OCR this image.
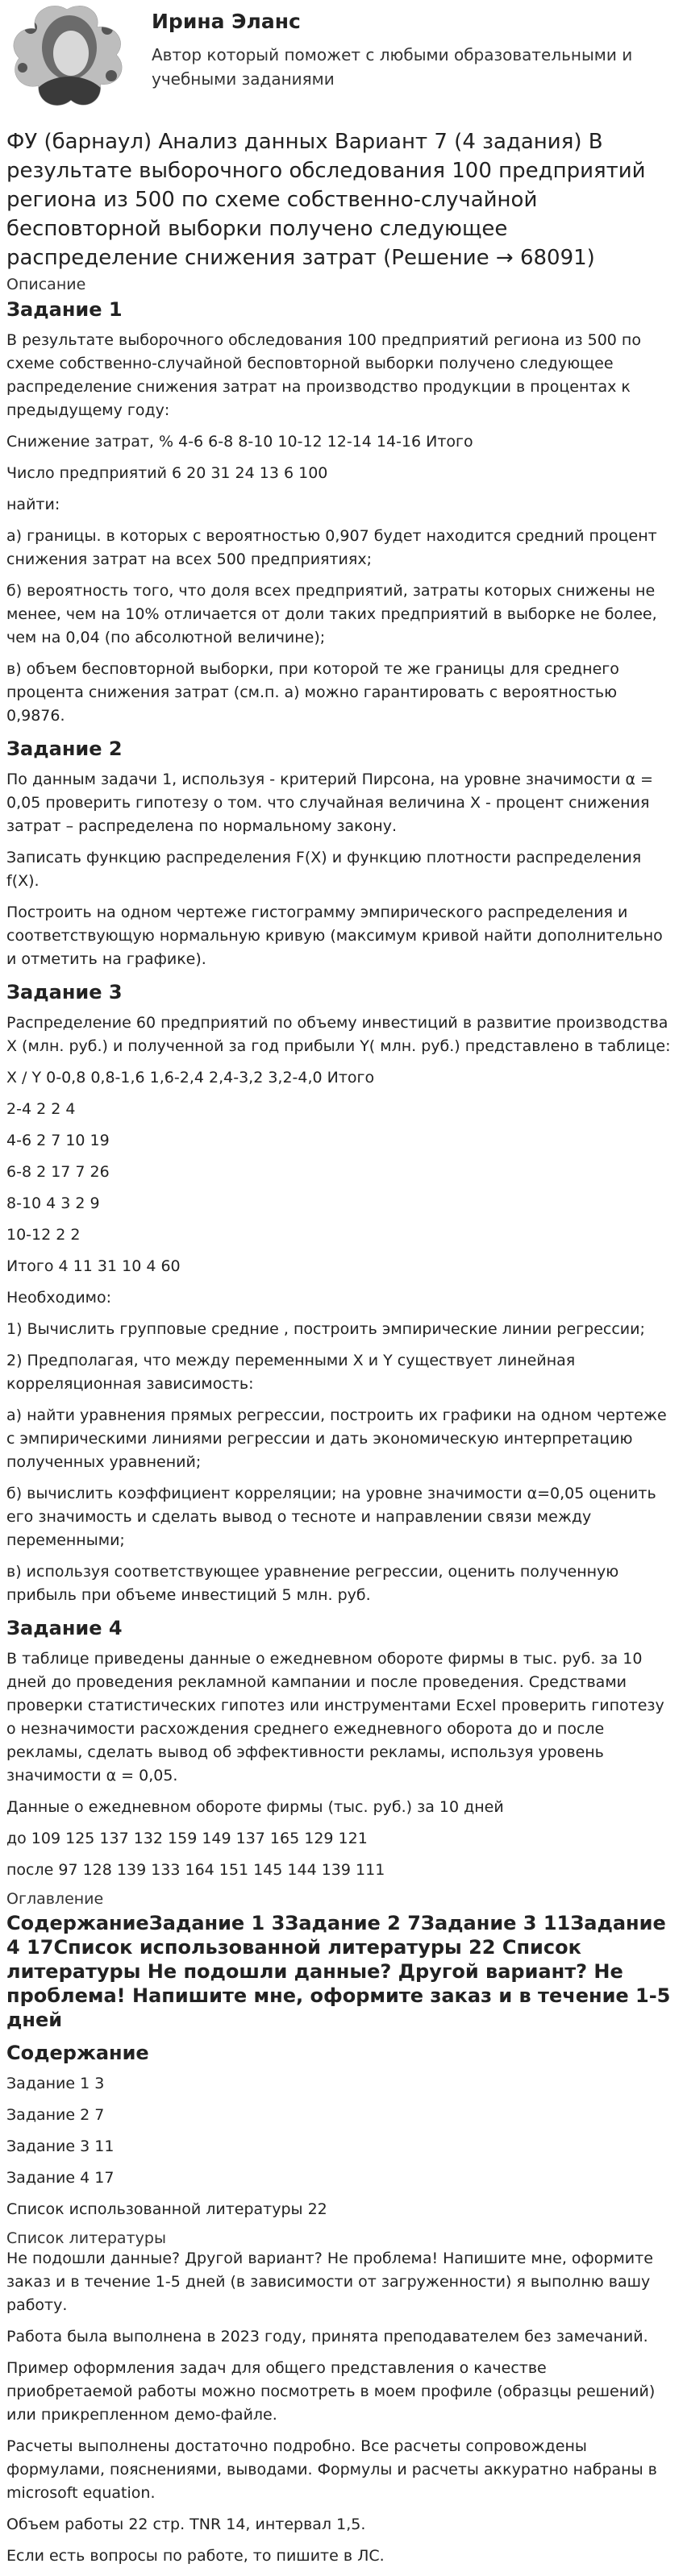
Ирина Эланс
Автор который поможет с любыми образовательными и учебными заданиями
ФУ (барнаул) Анализ данных Вариант 7 (4 задания) В результате выборочного обследования 100 предприятий региона из 500 по схеме собственно-случайной бесповторной выборки получено следующее распределение снижения затрат (Решение → 68091)
Описание
Задание 1

В результате выборочного обследования 100 предприятий региона из 500 по схеме собственно-случайной бесповторной выборки получено следующее распределение снижения затрат на производство продукции в процентах к предыдущему году:

Снижение затрат, % 4-6 6-8 8-10 10-12 12-14 14-16 Итого

Число предприятий 6 20 31 24 13 6 100

найти:

а) границы. в которых с вероятностью 0,907 будет находится средний процент снижения затрат на всех 500 предприятиях;

б) вероятность того, что доля всех предприятий, затраты которых снижены не менее, чем на 10% отличается от доли таких предприятий в выборке не более, чем на 0,04 (по абсолютной величине);

в) объем бесповторной выборки, при которой те же границы для среднего процента снижения затрат (см.п. а) можно гарантировать с вероятностью 0,9876.

Задание 2

По данным задачи 1, используя - критерий Пирсона, на уровне значимости α = 0,05 проверить гипотезу о том. что случайная величина X - процент снижения затрат – распределена по нормальному закону.

Записать функцию распределения F(X) и функцию плотности распределения f(X).

Построить на одном чертеже гистограмму эмпирического распределения и соответствующую нормальную кривую (максимум кривой найти дополнительно и отметить на графике).

Задание 3

Распределение 60 предприятий по объему инвестиций в развитие производства X (млн. руб.) и полученной за год прибыли Y( млн. руб.) представлено в таблице:

X / Y 0-0,8 0,8-1,6 1,6-2,4 2,4-3,2 3,2-4,0 Итого

2-4 2 2 4

4-6 2 7 10 19

6-8 2 17 7 26

8-10 4 3 2 9

10-12 2 2

Итого 4 11 31 10 4 60

Необходимо:

1) Вычислить групповые средние , построить эмпирические линии регрессии;

2) Предполагая, что между переменными X и Y существует линейная корреляционная зависимость:

а) найти уравнения прямых регрессии, построить их графики на одном чертеже с эмпирическими линиями регрессии и дать экономическую интерпретацию полученных уравнений;

б) вычислить коэффициент корреляции; на уровне значимости α=0,05 оценить его значимость и сделать вывод о тесноте и направлении связи между переменными;

в) используя соответствующее уравнение регрессии, оценить полученную прибыль при объеме инвестиций 5 млн. руб.

Задание 4

В таблице приведены данные о ежедневном обороте фирмы в тыс. руб. за 10 дней до проведения рекламной кампании и после проведения. Средствами проверки статистических гипотез или инструментами Ecxel проверить гипотезу о незначимости расхождения среднего ежедневного оборота до и после рекламы, сделать вывод об эффективности рекламы, используя уровень значимости α = 0,05.

Данные о ежедневном обороте фирмы (тыс. руб.) за 10 дней

до 109 125 137 132 159 149 137 165 129 121

после 97 128 139 133 164 151 145 144 139 111

Оглавление
СодержаниеЗадание 1 3Задание 2 7Задание 3 11Задание 4 17Список использованной литературы 22 Список литературы Не подошли данные? Другой вариант? Не проблема! Напишите мне, оформите заказ и в течение 1-5 дней
Содержание

Задание 1 3

Задание 2 7

Задание 3 11

Задание 4 17

Список использованной литературы 22

Список литературы

Не подошли данные? Другой вариант? Не проблема! Напишите мне, оформите заказ и в течение 1-5 дней (в зависимости от загруженности) я выполню вашу работу.

Работа была выполнена в 2023 году, принята преподавателем без замечаний.

Пример оформления задач для общего представления о качестве приобретаемой работы можно посмотреть в моем профиле (образцы решений) или прикрепленном демо-файле.

Расчеты выполнены достаточно подробно. Все расчеты сопровождены формулами, пояснениями, выводами. Формулы и расчеты аккуратно набраны в microsoft equation.

Объем работы 22 стр. TNR 14, интервал 1,5.

Если есть вопросы по работе, то пишите в ЛС.
